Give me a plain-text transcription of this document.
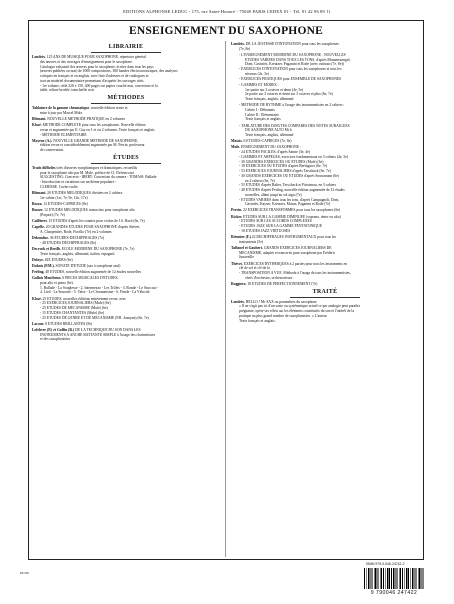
EDITIONS ALPHONSE LEDUC - 175, rue Saint-Honoré - 75040 PARIS CEDEX 01 - Tél. 01 42 96 89 11
ENSEIGNEMENT DU SAXOPHONE
LIBRAIRIE
Londeix. 125 ANS DE MUSIQUE POUR SAXOPHONE, répertoire général
des œuvres et des ouvrages d'enseignement pour le saxophone.
Catalogue exhaustif des œuvres pour le saxophone, écrites dans tous les pays
(œuvres publiées ou non) de 1000 compositeurs, 300 bandes électroacoustiques, des analyses
critiques en français et en anglais, avec liste d'adresses et de catalogues et
tout un matériel documentaire permettant d'acquérir les ouvrages cités.
- 1re volume, relié 220 x 150, 400 pages sur papier couché mat, couverture et la
table, reliure brodée, tranchefile noir
MÉTHODES
Tablature de la gamme chromatique, nouvelle édition revue et
mise à jour par Marcel Mule.
Blémant. NOUVELLE MÉTHODE PRATIQUE en 2 volumes
Klosé. MÉTHODE COMPLÈTE pour tous les saxophones. Nouvelle édition
revue et augmentée par E. Gay en 1 et ou 2 volumes. Texte français et anglais
- MÉTHODE ÉLÉMENTAIRE
Mayeur (A.). NOUVELLE GRANDE MÉTHODE DE SAXOPHONE,
édition revue et considérablement augmentée par M. Perrin, professeur
de conservation.
ÉTUDES
Traits difficiles tirés d'œuvres symphoniques et dramatiques, recueillis
pour le saxophone alto par M. Mule, préface de Cl. Delvincourt
SUGGESTING: Concerto - IBERT: Concertino da camera - TOMASI: Ballade
- Introduction et variations sur un thème populaire -
CLÉRISSE. Cache-cache.
Blémant. 20 ÉTUDES MÉLODIQUES divisées en 2 cahiers.
1er cahier (1er, 7e, 9e, 12e, 17e)
Bozza. 12 ÉTUDES-CAPRICES (8e)
Busser. 12 ÉTUDES MÉLODIQUES transcrites pour saxophone alto
(Paquot) (7e, 7e)
Caillieret. 15 ÉTUDES d'après les sonates pour violon de J.S. Bach (6e, 7e)
Capelle. 20 GRANDES ÉTUDES POUR SAXOPHONE d'après Stiévet,
A. Charpentier, Rode, Fiorillo (7e) en 2 volumes
Debondue. 36 ÉTUDES-DÉCHIFFRAGES (7e)
- 48 ÉTUDES DÉCHIFFRAGES (8e)
Decruck et Breilh. ÉCOLE MODERNE DU SAXOPHONE (7e, 7e)
Texte français, anglais, allemand, italien, espagnol.
Defaye. SIX ÉTUDES (6e)
Dubois (P.M.). SONATE D'ÉTUDE (sax à saxophone seul)
Ferling. 48 ÉTUDES, nouvelle édition augmentée de 12 études nouvelles
Gallois Montbrun. 6 PIÈCES MUSICALES D'ÉTUDES,
pour alto et piano (6e).
1. Ballade - La Souplesse - 2. Intermezzo - Les Trilles - 3. Ronde - Le Staccato -
4. Lied - La Sonorité - 5. Valse - Le Chromatisme - 6. Finale - La Vélocité
Klosé. 25 ÉTUDES, nouvelles éditions entièrement revue, avec
- 25 EXERCICES JOURNALIERS (Mule) (6e)
- 25 ÉTUDES DE MÉCANISME (Mule) (6e)
- 15 ÉTUDES CHANTANTES (Mule) (6e)
- 25 ÉTUDES DE GENRE ET DE MÉCANISME (P.R. Joanyan) (6e, 7e)
Lacour. 8 ÉTUDES BRILLANTES (8e)
Lefebvre (P.) et Goffin (R.) DE LA TECHNIQUE DU SON DANS LES
INSTRUMENTS A ANCHE BATTANTE SIMPLE à l'usage des clarinettistes
et des saxophonistes
Londeix. DE LA JUSTESSE D'INTONATION pour tous les saxophones
(7e, 8e)
- L'ENSEIGNEMENT MODERNE DU SAXOPHONE : NOUVELLES
ÉTUDES VARIÉES DANS TOUS LES TONS, d'après Blumenstengel,
Dont, Gaviniès, Kreutzer, Paganini et Rode (avec ostinato (7e, 8e))
- EXERCICES D'INTONATION pour tous les saxophones et tous les
niveaux (2e, 3e)
- EXERCICES PRATIQUES pour ENSEMBLE DE SAXOPHONES
- GAMMES ET MODES :
1er partie sur 2 octaves et demi (4e, 5e)
2e partie sur 3 octaves et demi sur 3 octaves et plus (6e, 7e)
Texte français, anglais, allemand
- MÉTHODE DE RYTHME à l'usage des instrumentistes en 2 cahiers :
Cahier I : Débutants
Cahier II : Élémentaire
Texte français et anglais
- TABLATURE DES DOIGTÉS COMPARÉS DES NOTES SURAIGUËS
DU SAXOPHONE ALTO Mi b
Texte français, anglais, allemand
Massis. 6 ÉTUDES-CAPRICES (7e, 8e)
Mule. ENSEIGNEMENT DU SAXOPHONE :
- 24 ÉTUDES FACILES, d'après Samie (3e, 4e)
- GAMMES ET ARPÈGES, exercices fondamentaux en 3 cahiers (4e, 5e)
- 30 GRANDES EXERCICES OU ÉTUDES (Mule) (6e)
- 18 EXERCICES OU ÉTUDES d'après Berbiguier (6e, 7e)
- 53 EXERCICES JOURNALIERS d'après Terschack (6e, 7e)
- 30 GRANDS EXERCICES OU ÉTUDES d'après Soussmann (6e)
en 2 cahiers (6e, 7e)
- 53 ÉTUDES d'après Balter, Terschack et Fürstenau, en 3 cahiers
- 48 ÉTUDES d'après Ferling, nouvelle édition augmentée de 12 études
nouvelles, allant jusqu'au sol aigu (7e)
- ÉTUDES VARIÉES dans tous les tons, d'après Campagnoli, Dont,
Gaviniès, Kayser, Kreutzer, Mazas, Paganini et Rode (7e)
Perrin. 22 EXERCICES TRANSFORMÉS pour tous les saxophones (6e)
Ricker. ÉTUDES SUR LA GAMME DIMINUÉE (soprano, ténor ou alto)
- ÉTUDES SUR LES ACCORDS COMPLEXES
- ÉTUDES JAZZ SUR LA GAMME PENTATONIQUE
- 18 ÉTUDES JAZZ VIRTUOSES
Rieunier (F.) 22 DÉCHIFFRAGES INSTRUMENTAUX pour tous les
instruments (5e)
Taffanel et Gaubert. GRANDS EXERCICES JOURNALIERS DE
MÉCANISME, adaptés et transcrits pour saxophone par Frédéric
Junaveille
Thévet. EXERCICES RYTHMIQUES à 2 parties pour tous les instruments en
clé de sol et clé de fa
- TRANSPOSITION A VUE. Méthode à l'usage de tous les instrumentistes,
chefs d'orchestre, orchestrateurs
Ruggiero. 18 ÉTUDES DE PERFECTIONNEMENT (7e)
TRAITÉ
Londeix. HELLO ! Mr SAX ou paramètres du saxophone
« Il ne s'agit pas ici d'un vaste ou systématique actuel ce par analogie peut paraître
prégnante, opère ses effets sur les éléments constitutifs du son et l'intérêt de la
pratique au plus grand nombre de saxophonistes. » L'auteur
Texte français et anglais.
ED 96
ISMN 979-0-046-24742-2
9 790046 247422
